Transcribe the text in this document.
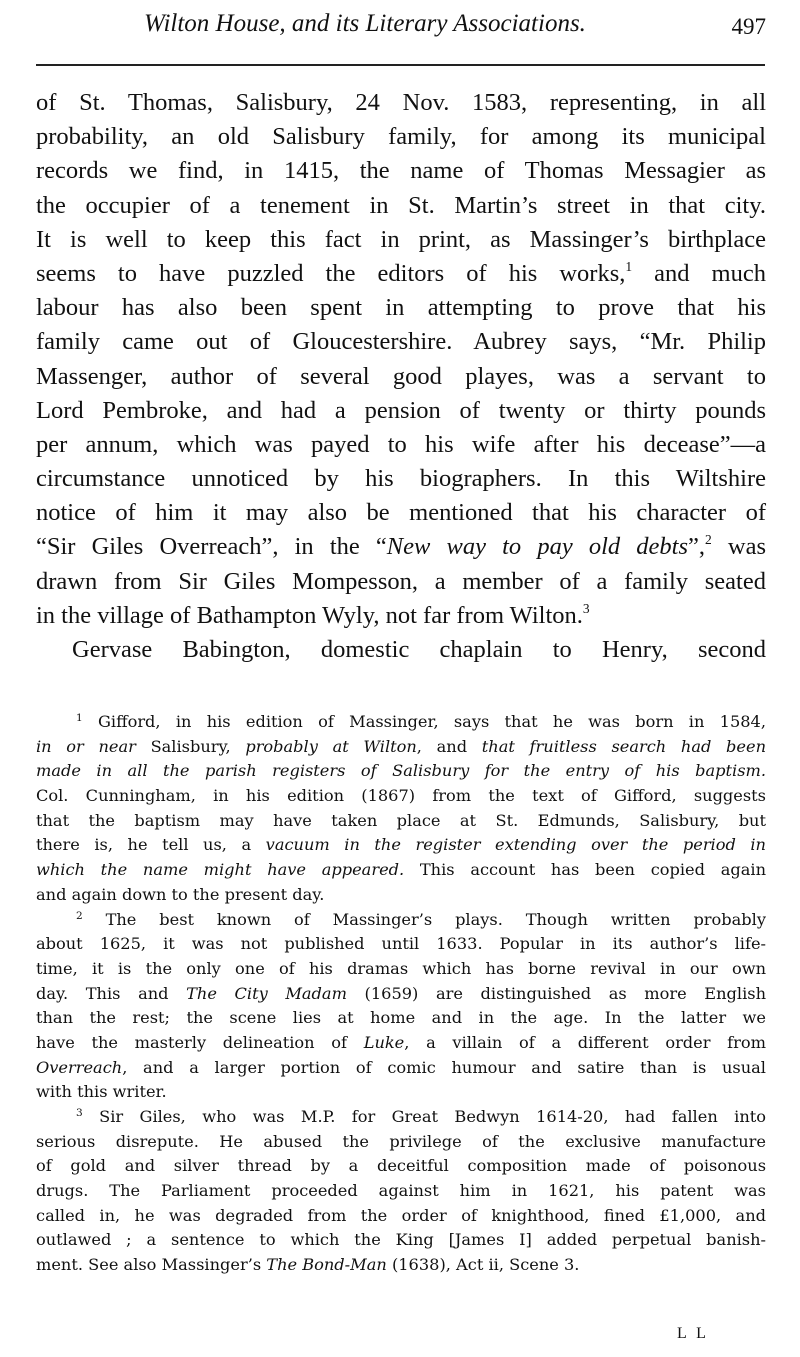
Wilton House, and its Literary Associations.	497
of St. Thomas, Salisbury, 24 Nov. 1583, representing, in all
probability, an old Salisbury family, for among its municipal
records we find, in 1415, the name of Thomas Messagier as
the occupier of a tenement in St. Martin’s street in that city.
It is well to keep this fact in print, as Massinger’s birthplace
seems to have puzzled the editors of his works,$^1$ and much
labour has also been spent in attempting to prove that his
family came out of Gloucestershire. Aubrey says, “Mr. Philip
Massenger, author of several good playes, was a servant to
Lord Pembroke, and had a pension of twenty or thirty pounds
per annum, which was payed to his wife after his decease”—a
circumstance unnoticed by his biographers. In this Wiltshire
notice of him it may also be mentioned that his character of
“Sir Giles Overreach”, in the “New way to pay old debts”,$^2$ was
drawn from Sir Giles Mompesson, a member of a family seated
in the village of Bathampton Wyly, not far from Wilton.$^3$
Gervase Babington, domestic chaplain to Henry, second
$^1$ Gifford, in his edition of Massinger, says that he was born in 1584,
in or near Salisbury, probably at Wilton, and that fruitless search had been
made in all the parish registers of Salisbury for the entry of his baptism.
Col. Cunningham, in his edition (1867) from the text of Gifford, suggests
that the baptism may have taken place at St. Edmunds, Salisbury, but
there is, he tell us, a vacuum in the register extending over the period in
which the name might have appeared. This account has been copied again
and again down to the present day.
$^2$ The best known of Massinger’s plays. Though written probably
about 1625, it was not published until 1633. Popular in its author’s life-
time, it is the only one of his dramas which has borne revival in our own
day. This and The City Madam (1659) are distinguished as more English
than the rest; the scene lies at home and in the age. In the latter we
have the masterly delineation of Luke, a villain of a different order from
Overreach, and a larger portion of comic humour and satire than is usual
with this writer.
$^3$ Sir Giles, who was M.P. for Great Bedwyn 1614-20, had fallen into
serious disrepute. He abused the privilege of the exclusive manufacture
of gold and silver thread by a deceitful composition made of poisonous
drugs. The Parliament proceeded against him in 1621, his patent was
called in, he was degraded from the order of knighthood, fined £1,000, and
outlawed ; a sentence to which the King [James I] added perpetual banish-
ment. See also Massinger’s The Bond-Man (1638), Act ii, Scene 3.
L L
